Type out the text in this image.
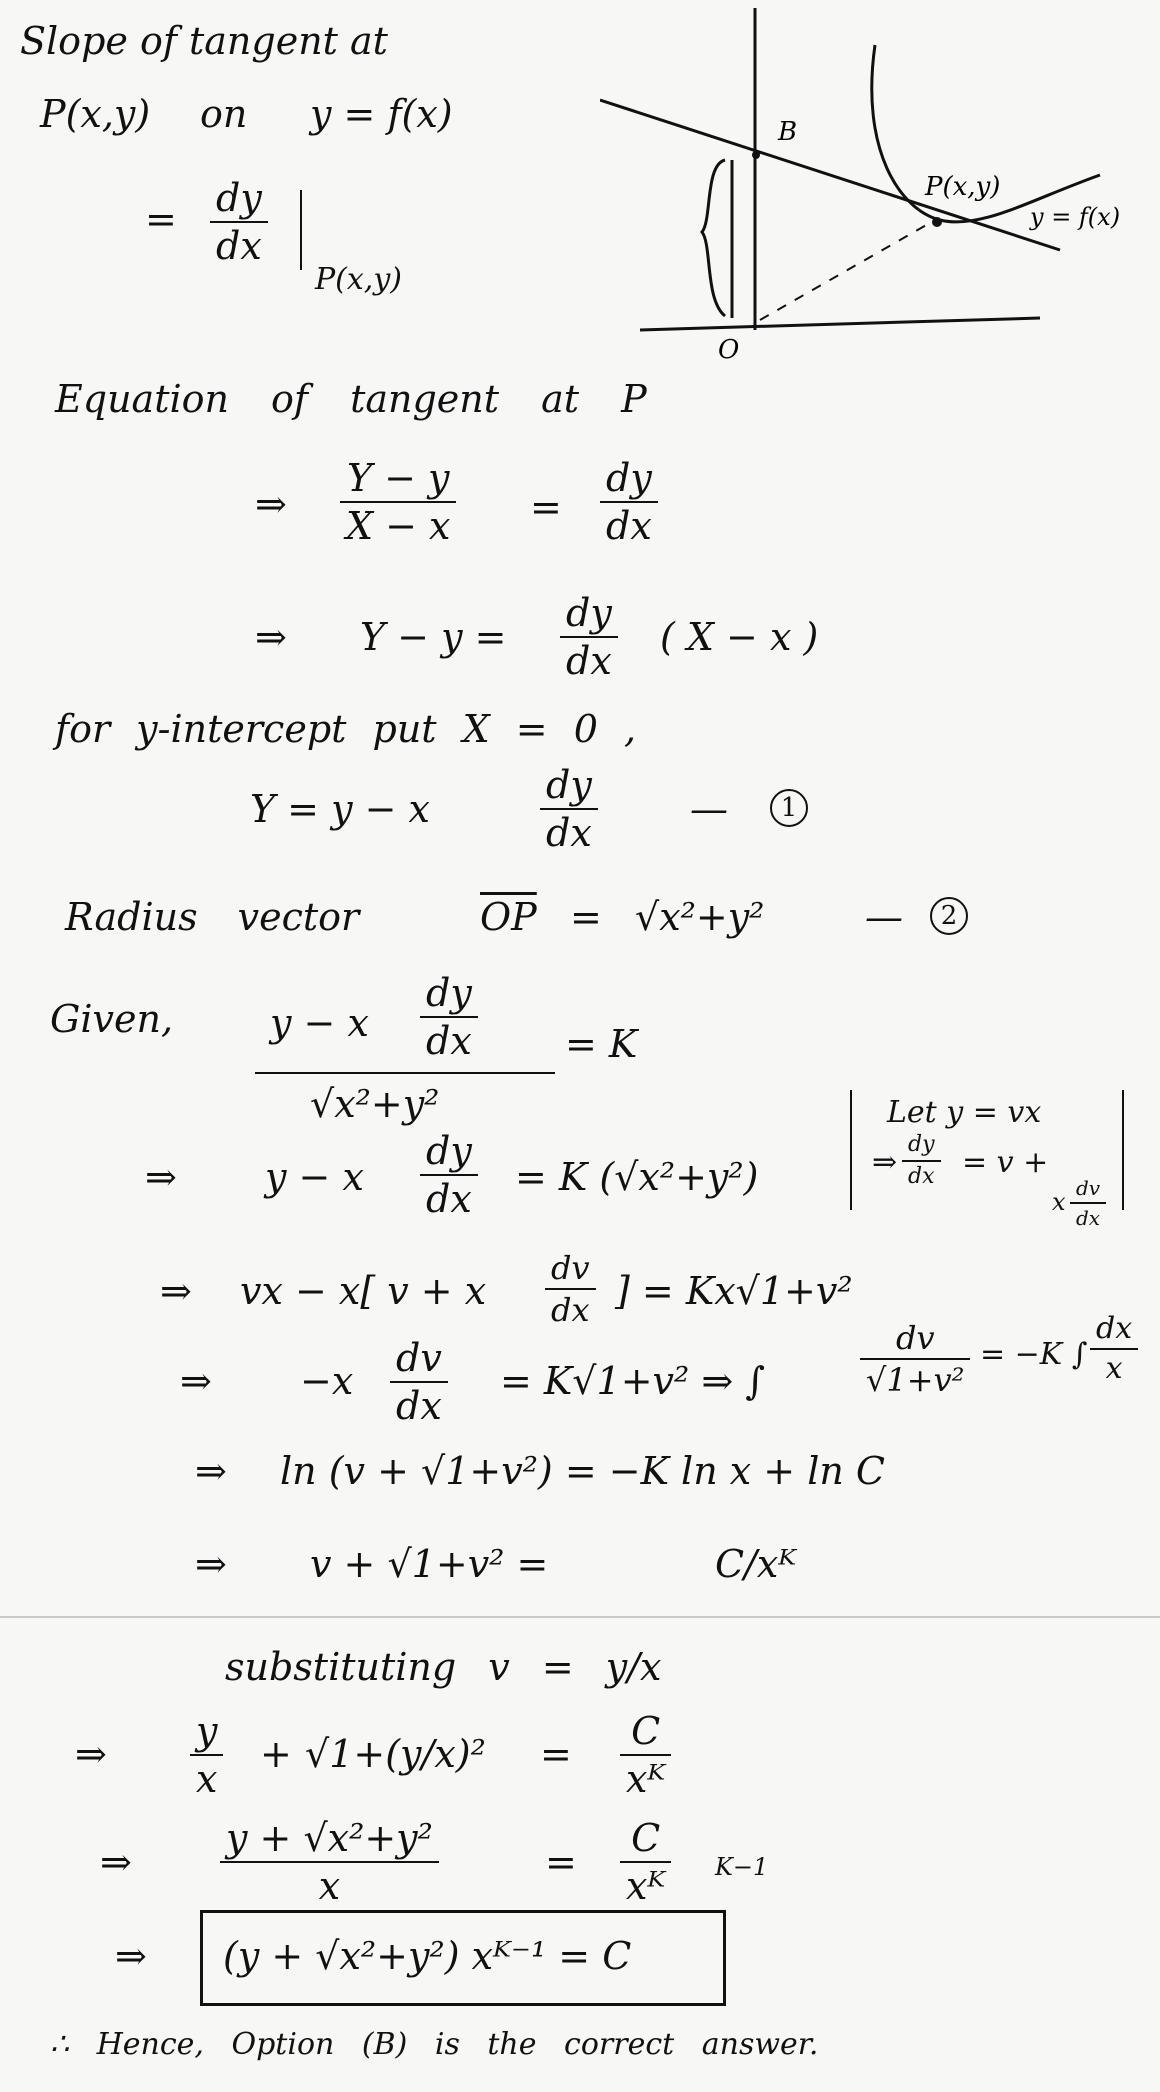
Slope of tangent at
P(x,y) on y = f(x)
= dy
dx
P(x,y)
B
O
P(x,y)
y = f(x)
Equation of tangent at P
⇒
Y − y
X − x =
dy
dx
⇒ Y − y =
dy
dx
( X − x )
for y-intercept put X = 0 ,
Y = y − x
dy
dx
—	1
Radius vector	$\overline{OP} = √x^2+y^2$	—	2
Given,	y − x
dy
dx
√x²+y²
= K
⇒ y − x
dy
dx = K (√x²+y²)
Let y = vx
⇒
dy
dx = v +
x dv
dx
⇒ vx − x[ v + x
dv
dx ] = Kx√1+v²
⇒ −x
dv
dx
= K√1+v² ⇒ ∫
dv
√1+v²
= −K ∫
dx
x
⇒ ln (v + √1+v²) = −K ln x + ln C
⇒ v + √1+v² =	C/xᴷ
substituting v = y/x
⇒
y
x
+ √1+(y/x)² =
C
xᴷ
⇒
y + √x²+y²
x
=
C
xᴷ K−1
⇒ (y + √x²+y²) xᴷ⁻¹ = C
∴ Hence, Option (B) is the correct answer.
